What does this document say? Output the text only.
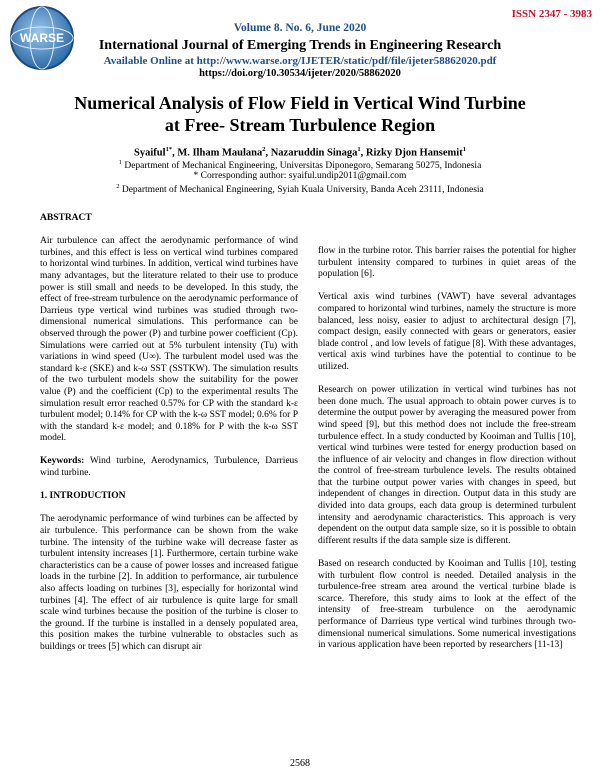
WARSE
ISSN 2347 - 3983
Volume 8. No. 6, June 2020
International Journal of Emerging Trends in Engineering Research
Available Online at http://www.warse.org/IJETER/static/pdf/file/ijeter58862020.pdf
https://doi.org/10.30534/ijeter/2020/58862020
Numerical Analysis of Flow Field in Vertical Wind Turbine
at Free- Stream Turbulence Region
Syaiful$^{1*}$, M. Ilham Maulana$^2$, Nazaruddin Sinaga$^1$, Rizky Djon Hansemit$^1$
$^1$ Department of Mechanical Engineering, Universitas Diponegoro, Semarang 50275, Indonesia
* Corresponding author: syaiful.undip2011@gmail.com
$^2$ Department of Mechanical Engineering, Syiah Kuala University, Banda Aceh 23111, Indonesia
ABSTRACT

Air turbulence can affect the aerodynamic performance of wind turbines, and this effect is less on vertical wind turbines compared to horizontal wind turbines. In addition, vertical wind turbines have many advantages, but the literature related to their use to produce power is still small and needs to be developed. In this study, the effect of free-stream turbulence on the aerodynamic performance of Darrieus type vertical wind turbines was studied through two-dimensional numerical simulations. This performance can be observed through the power (P) and turbine power coefficient (Cp). Simulations were carried out at 5% turbulent intensity (Tu) with variations in wind speed (U∞). The turbulent model used was the standard k-ε (SKE) and k-ω SST (SSTKW). The simulation results of the two turbulent models show the suitability for the power value (P) and the coefficient (Cp) to the experimental results The simulation result error reached 0.57% for CP with the standard k-ε turbulent model; 0.14% for CP with the k-ω SST model; 0.6% for P with the standard k-ε model; and 0.18% for P with the k-ω SST model.

Keywords: Wind turbine, Aerodynamics, Turbulence, Darrieus wind turbine.

1. INTRODUCTION

The aerodynamic performance of wind turbines can be affected by air turbulence. This performance can be shown from the wake turbine. The intensity of the turbine wake will decrease faster as turbulent intensity increases [1]. Furthermore, certain turbine wake characteristics can be a cause of power losses and increased fatigue loads in the turbine [2]. In addition to performance, air turbulence also affects loading on turbines [3], especially for horizontal wind turbines [4]. The effect of air turbulence is quite large for small scale wind turbines because the position of the turbine is closer to the ground. If the turbine is installed in a densely populated area, this position makes the turbine vulnerable to obstacles such as buildings or trees [5] which can disrupt air

flow in the turbine rotor. This barrier raises the potential for higher turbulent intensity compared to turbines in quiet areas of the population [6].

Vertical axis wind turbines (VAWT) have several advantages compared to horizontal wind turbines, namely the structure is more balanced, less noisy, easier to adjust to architectural design [7], compact design, easily connected with gears or generators, easier blade control , and low levels of fatigue [8]. With these advantages, vertical axis wind turbines have the potential to continue to be utilized.

Research on power utilization in vertical wind turbines has not been done much. The usual approach to obtain power curves is to determine the output power by averaging the measured power from wind speed [9], but this method does not include the free-stream turbulence effect. In a study conducted by Kooiman and Tullis [10], vertical wind turbines were tested for energy production based on the influence of air velocity and changes in flow direction without the control of free-stream turbulence levels. The results obtained that the turbine output power varies with changes in speed, but independent of changes in direction. Output data in this study are divided into data groups, each data group is determined turbulent intensity and aerodynamic characteristics. This approach is very dependent on the output data sample size, so it is possible to obtain different results if the data sample size is different.

Based on research conducted by Kooiman and Tullis [10], testing with turbulent flow control is needed. Detailed analysis in the turbulence-free stream area around the vertical turbine blade is scarce. Therefore, this study aims to look at the effect of the intensity of free-stream turbulence on the aerodynamic performance of Darrieus type vertical wind turbines through two-dimensional numerical simulations. Some numerical investigations in various application have been reported by researchers [11-13]

2568
